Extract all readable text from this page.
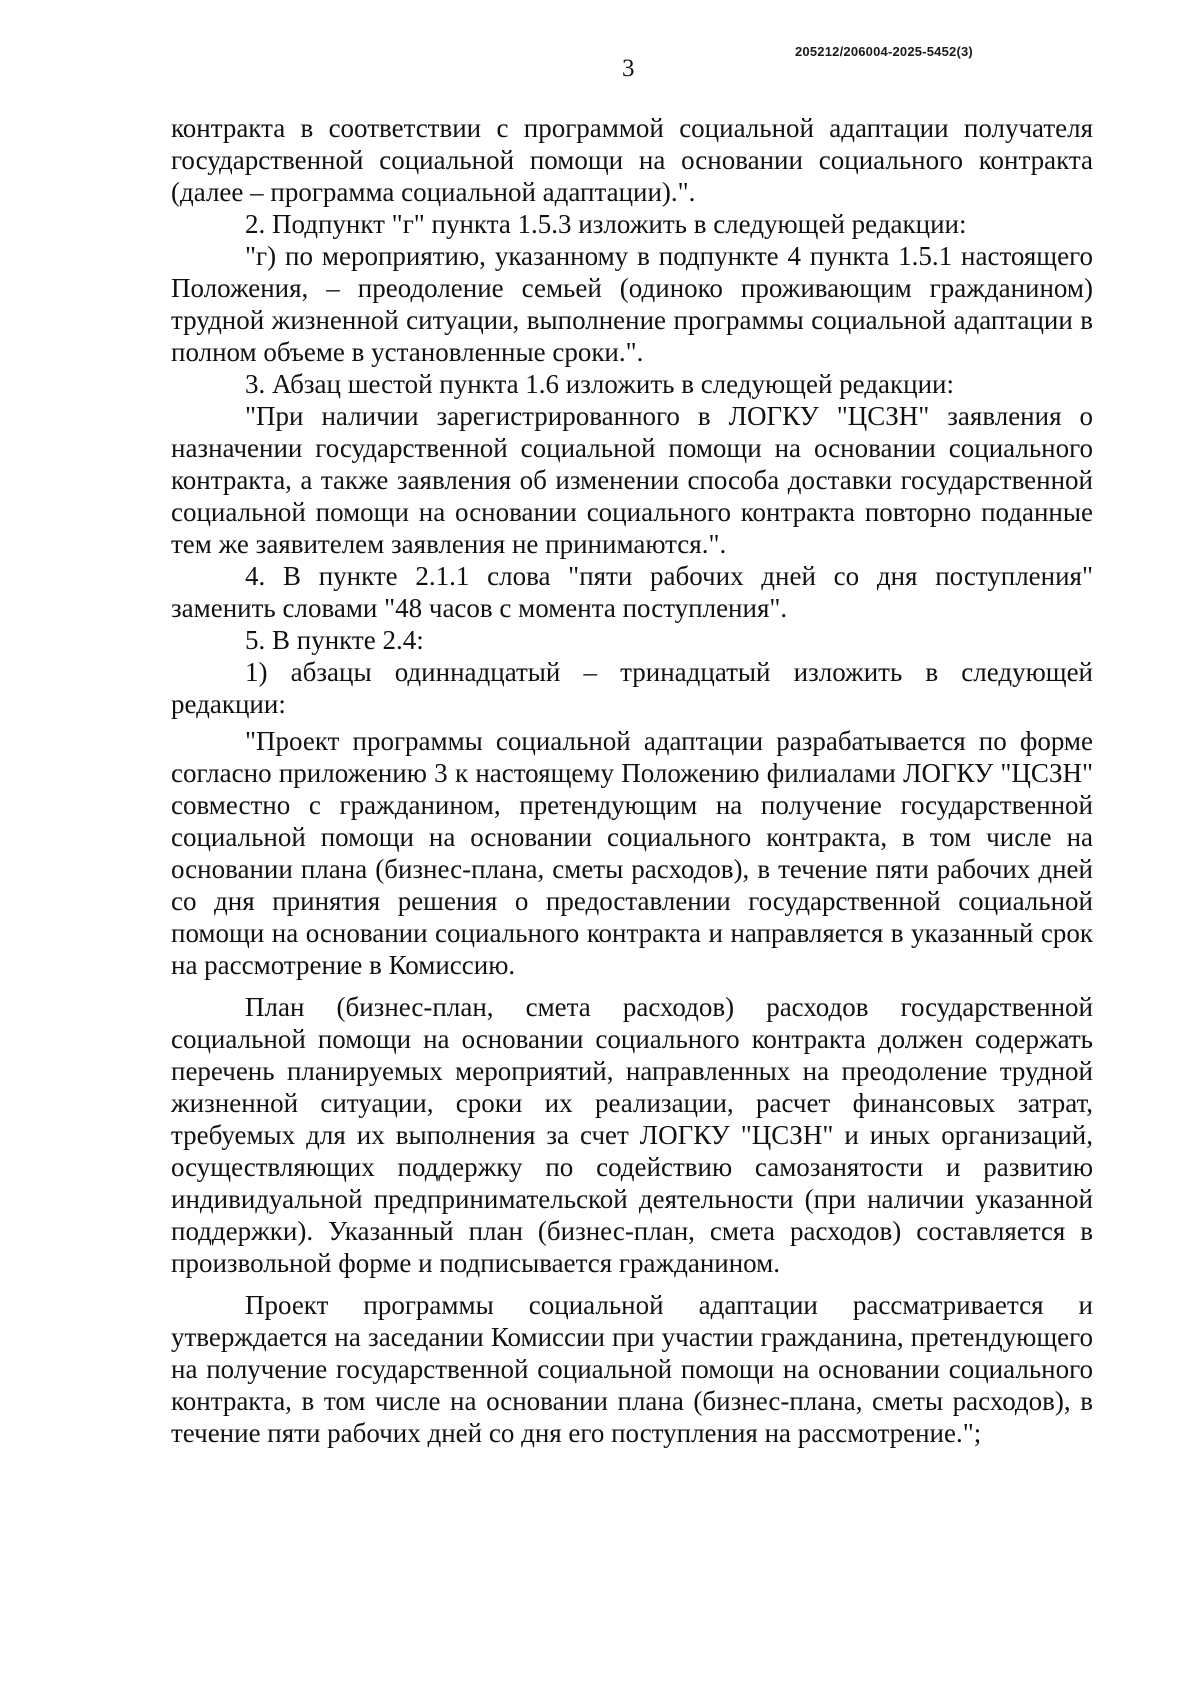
3
205212/206004-2025-5452(3)

контракта в соответствии с программой социальной адаптации получателя государственной социальной помощи на основании социального контракта (далее – программа социальной адаптации).".

2. Подпункт "г" пункта 1.5.3 изложить в следующей редакции:

"г) по мероприятию, указанному в подпункте 4 пункта 1.5.1 настоящего Положения, – преодоление семьей (одиноко проживающим гражданином) трудной жизненной ситуации, выполнение программы социальной адаптации в полном объеме в установленные сроки.".

3. Абзац шестой пункта 1.6 изложить в следующей редакции:

"При наличии зарегистрированного в ЛОГКУ "ЦСЗН" заявления о назначении государственной социальной помощи на основании социального контракта, а также заявления об изменении способа доставки государственной социальной помощи на основании социального контракта повторно поданные тем же заявителем заявления не принимаются.".

4. В пункте 2.1.1 слова "пяти рабочих дней со дня поступления" заменить словами "48 часов с момента поступления".

5. В пункте 2.4:

1) абзацы одиннадцатый – тринадцатый изложить в следующей редакции:

"Проект программы социальной адаптации разрабатывается по форме согласно приложению 3 к настоящему Положению филиалами ЛОГКУ "ЦСЗН" совместно с гражданином, претендующим на получение государственной социальной помощи на основании социального контракта, в том числе на основании плана (бизнес-плана, сметы расходов), в течение пяти рабочих дней со дня принятия решения о предоставлении государственной социальной помощи на основании социального контракта и направляется в указанный срок на рассмотрение в Комиссию.

План (бизнес-план, смета расходов) расходов государственной социальной помощи на основании социального контракта должен содержать перечень планируемых мероприятий, направленных на преодоление трудной жизненной ситуации, сроки их реализации, расчет финансовых затрат, требуемых для их выполнения за счет ЛОГКУ "ЦСЗН" и иных организаций, осуществляющих поддержку по содействию самозанятости и развитию индивидуальной предпринимательской деятельности (при наличии указанной поддержки). Указанный план (бизнес-план, смета расходов) составляется в произвольной форме и подписывается гражданином.

Проект программы социальной адаптации рассматривается и утверждается на заседании Комиссии при участии гражданина, претендующего на получение государственной социальной помощи на основании социального контракта, в том числе на основании плана (бизнес-плана, сметы расходов), в течение пяти рабочих дней со дня его поступления на рассмотрение.";
